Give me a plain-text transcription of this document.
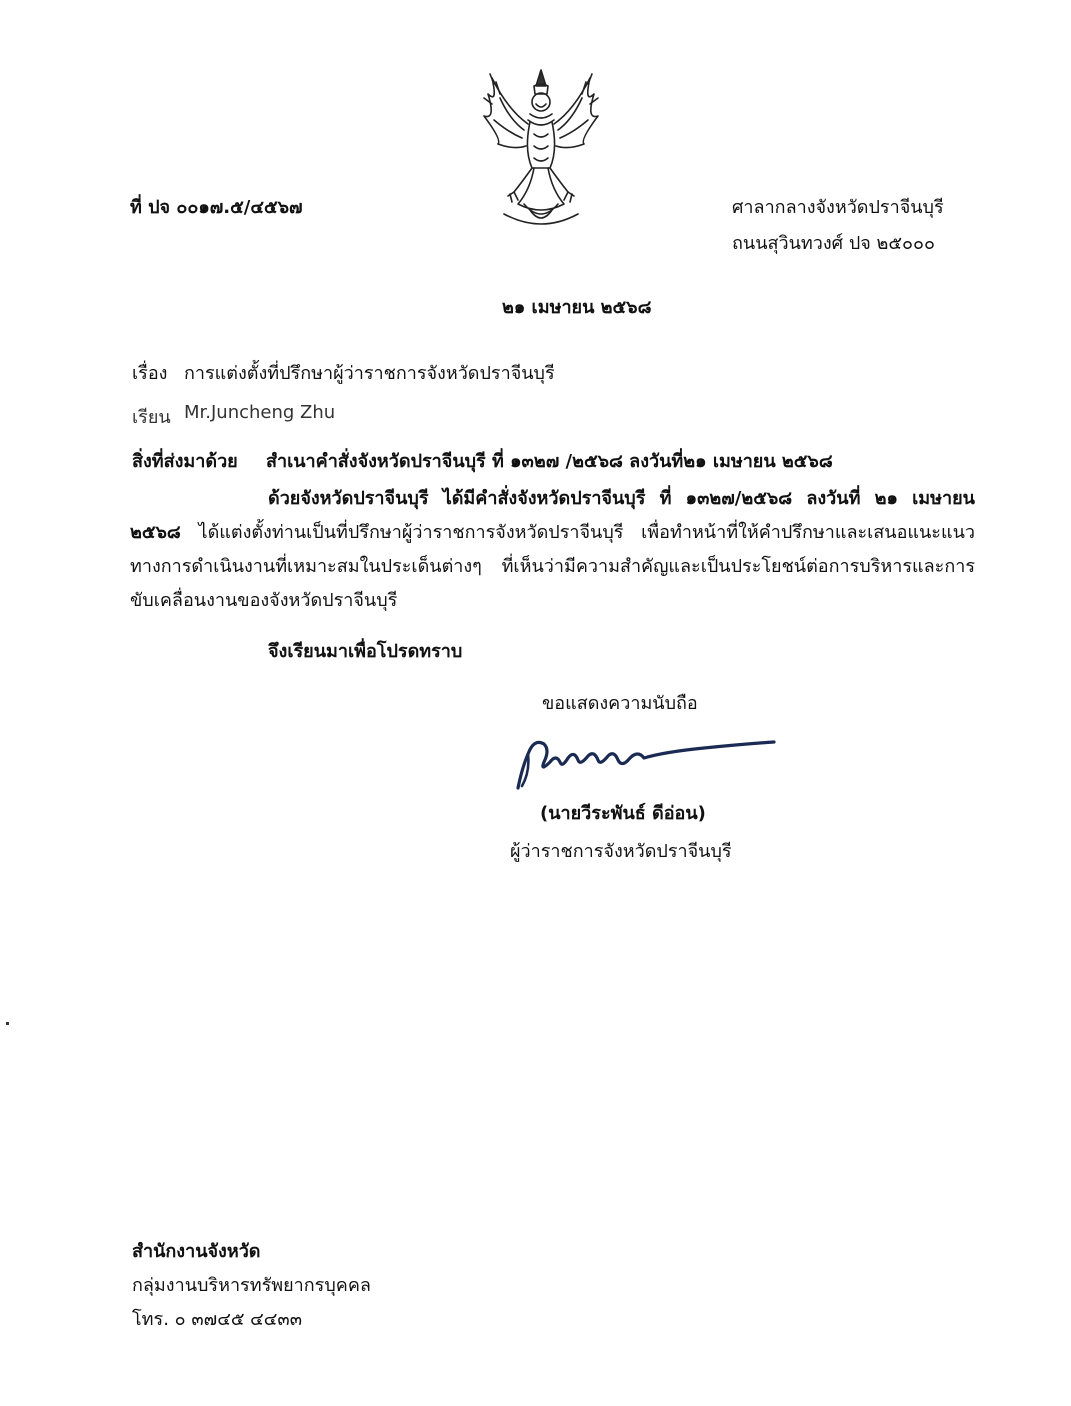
ที่ ปจ ๐๐๑๗.๕/๔๕๖๗	ศาลากลางจังหวัดปราจีนบุรี
ถนนสุวินทวงศ์ ปจ ๒๕๐๐๐
๒๑ เมษายน ๒๕๖๘
เรื่อง การแต่งตั้งที่ปรึกษาผู้ว่าราชการจังหวัดปราจีนบุรี
เรียน Mr.Juncheng Zhu
สิ่งที่ส่งมาด้วย สำเนาคำสั่งจังหวัดปราจีนบุรี ที่ ๑๓๒๗ /๒๕๖๘ ลงวันที่๒๑ เมษายน ๒๕๖๘
ด้วยจังหวัดปราจีนบุรี ได้มีคำสั่งจังหวัดปราจีนบุรี ที่ ๑๓๒๗/๒๕๖๘ ลงวันที่ ๒๑ เมษายน ๒๕๖๘ ได้แต่งตั้งท่านเป็นที่ปรึกษาผู้ว่าราชการจังหวัดปราจีนบุรี เพื่อทำหน้าที่ให้คำปรึกษาและเสนอแนะแนวทางการดำเนินงานที่เหมาะสมในประเด็นต่างๆ ที่เห็นว่ามีความสำคัญและเป็นประโยชน์ต่อการบริหารและการขับเคลื่อนงานของจังหวัดปราจีนบุรี
จึงเรียนมาเพื่อโปรดทราบ
ขอแสดงความนับถือ
(นายวีระพันธ์ ดีอ่อน)
ผู้ว่าราชการจังหวัดปราจีนบุรี
สำนักงานจังหวัด
กลุ่มงานบริหารทรัพยากรบุคคล
โทร. ๐ ๓๗๔๕ ๔๔๓๓
